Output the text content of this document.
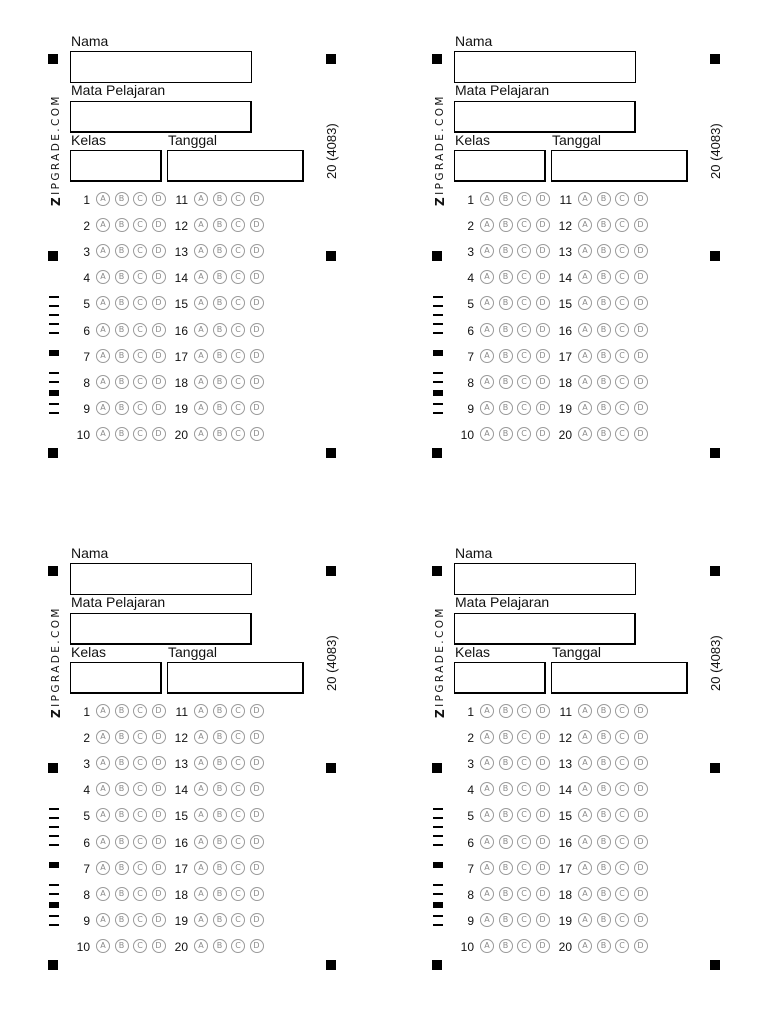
ZIPGRADE.COM	20 (4083)
Nama
Mata Pelajaran
Kelas	Tanggal
1	A	B	C	D
2	A	B	C	D
3	A	B	C	D
4	A	B	C	D
5	A	B	C	D
6	A	B	C	D
7	A	B	C	D
8	A	B	C	D
9	A	B	C	D
10	A	B	C	D
11	A	B	C	D
12	A	B	C	D
13	A	B	C	D
14	A	B	C	D
15	A	B	C	D
16	A	B	C	D
17	A	B	C	D
18	A	B	C	D
19	A	B	C	D
20	A	B	C	D
ZIPGRADE.COM	20 (4083)
Nama
Mata Pelajaran
Kelas	Tanggal
1	A	B	C	D
2	A	B	C	D
3	A	B	C	D
4	A	B	C	D
5	A	B	C	D
6	A	B	C	D
7	A	B	C	D
8	A	B	C	D
9	A	B	C	D
10	A	B	C	D
11	A	B	C	D
12	A	B	C	D
13	A	B	C	D
14	A	B	C	D
15	A	B	C	D
16	A	B	C	D
17	A	B	C	D
18	A	B	C	D
19	A	B	C	D
20	A	B	C	D
ZIPGRADE.COM	20 (4083)
Nama
Mata Pelajaran
Kelas	Tanggal
1	A	B	C	D
2	A	B	C	D
3	A	B	C	D
4	A	B	C	D
5	A	B	C	D
6	A	B	C	D
7	A	B	C	D
8	A	B	C	D
9	A	B	C	D
10	A	B	C	D
11	A	B	C	D
12	A	B	C	D
13	A	B	C	D
14	A	B	C	D
15	A	B	C	D
16	A	B	C	D
17	A	B	C	D
18	A	B	C	D
19	A	B	C	D
20	A	B	C	D
ZIPGRADE.COM	20 (4083)
Nama
Mata Pelajaran
Kelas	Tanggal
1	A	B	C	D
2	A	B	C	D
3	A	B	C	D
4	A	B	C	D
5	A	B	C	D
6	A	B	C	D
7	A	B	C	D
8	A	B	C	D
9	A	B	C	D
10	A	B	C	D
11	A	B	C	D
12	A	B	C	D
13	A	B	C	D
14	A	B	C	D
15	A	B	C	D
16	A	B	C	D
17	A	B	C	D
18	A	B	C	D
19	A	B	C	D
20	A	B	C	D
